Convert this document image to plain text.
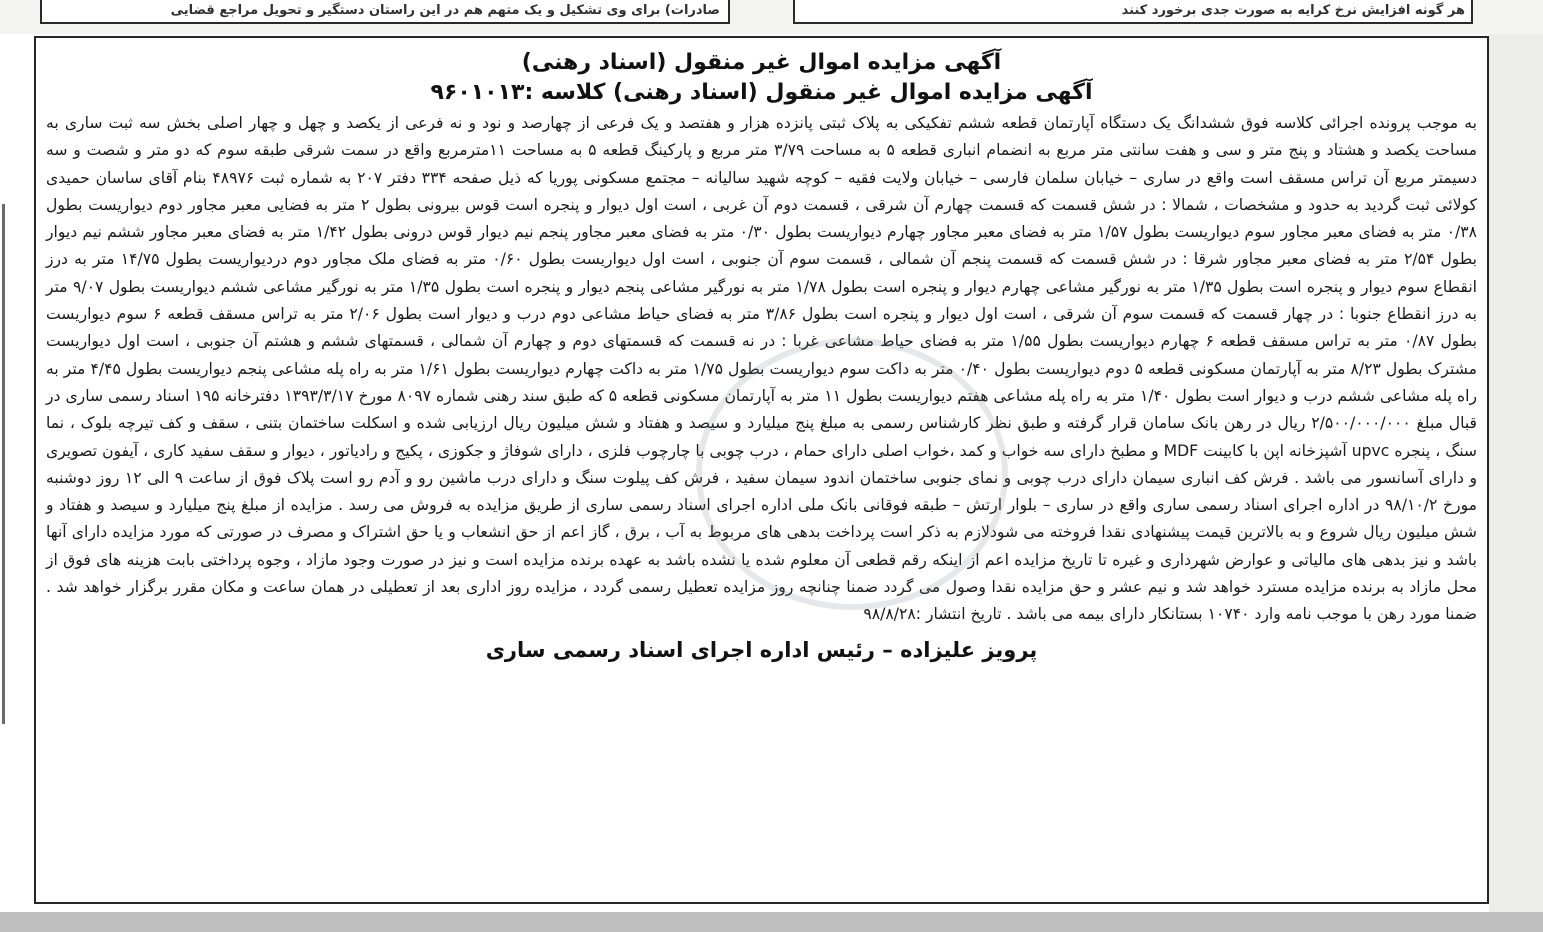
هر گونه افزایش نرخ کرایه به صورت جدی برخورد کنند
صادرات) برای وی تشکیل و یک متهم هم در این راستان دستگیر و تحویل مراجع قضایی

آگهی مزایده اموال غیر منقول (اسناد رهنی)

آگهی مزایده اموال غیر منقول (اسناد رهنی) کلاسه :۹۶۰۱۰۱۳

به موجب پرونده اجرائی کلاسه فوق ششدانگ یک دستگاه آپارتمان قطعه ششم تفکیکی به پلاک ثبتی پانزده هزار و هفتصد و یک فرعی از چهارصد و نود و نه فرعی از یکصد و چهل و چهار اصلی بخش سه ثبت ساری به مساحت یکصد و هشتاد و پنج متر و سی و هفت سانتی متر مربع به انضمام انباری قطعه ۵ به مساحت ۳/۷۹ متر مربع و پارکینگ قطعه ۵ به مساحت ۱۱مترمربع واقع در سمت شرقی طبقه سوم که دو متر و شصت و سه دسیمتر مربع آن تراس مسقف است واقع در ساری – خیابان سلمان فارسی – خیابان ولایت فقیه – کوچه شهید سالیانه – مجتمع مسکونی پوریا که ذیل صفحه ۳۳۴ دفتر ۲۰۷ به شماره ثبت ۴۸۹۷۶ بنام آقای ساسان حمیدی کولائی ثبت گردید به حدود و مشخصات ، شمالا : در شش قسمت که قسمت چهارم آن شرقی ، قسمت دوم آن غربی ، است اول دیوار و پنجره است قوس بیرونی بطول ۲ متر به فضایی معبر مجاور دوم دیواریست بطول ۰/۳۸ متر به فضای معبر مجاور سوم دیواریست بطول ۱/۵۷ متر به فضای معبر مجاور چهارم دیواریست بطول ۰/۳۰ متر به فضای معبر مجاور پنجم نیم دیوار قوس درونی بطول ۱/۴۲ متر به فضای معبر مجاور ششم نیم دیوار بطول ۲/۵۴ متر به فضای معبر مجاور شرقا : در شش قسمت که قسمت پنجم آن شمالی ، قسمت سوم آن جنوبی ، است اول دیواریست بطول ۰/۶۰ متر به فضای ملک مجاور دوم دردیواریست بطول ۱۴/۷۵ متر به درز انقطاع سوم دیوار و پنجره است بطول ۱/۳۵ متر به نورگیر مشاعی چهارم دیوار و پنجره است بطول ۱/۷۸ متر به نورگیر مشاعی پنجم دیوار و پنجره است بطول ۱/۳۵ متر به نورگیر مشاعی ششم دیواریست بطول ۹/۰۷ متر به درز انقطاع جنوبا : در چهار قسمت که قسمت سوم آن شرقی ، است اول دیوار و پنجره است بطول ۳/۸۶ متر به فضای حیاط مشاعی دوم درب و دیوار است بطول ۲/۰۶ متر به تراس مسقف قطعه ۶ سوم دیواریست بطول ۰/۸۷ متر به تراس مسقف قطعه ۶ چهارم دیواریست بطول ۱/۵۵ متر به فضای حیاط مشاعی غربا : در نه قسمت که قسمتهای دوم و چهارم آن شمالی ، قسمتهای ششم و هشتم آن جنوبی ، است اول دیواریست مشترک بطول ۸/۲۳ متر به آپارتمان مسکونی قطعه ۵ دوم دیواریست بطول ۰/۴۰ متر به داکت سوم دیواریست بطول ۱/۷۵ متر به داکت چهارم دیواریست بطول ۱/۶۱ متر به راه پله مشاعی پنجم دیواریست بطول ۴/۴۵ متر به راه پله مشاعی ششم درب و دیوار است بطول ۱/۴۰ متر به راه پله مشاعی هفتم دیواریست بطول ۱۱ متر به آپارتمان مسکونی قطعه ۵ که طبق سند رهنی شماره ۸۰۹۷ مورخ ۱۳۹۳/۳/۱۷ دفترخانه ۱۹۵ اسناد رسمی ساری در قبال مبلغ ۲/۵۰۰/۰۰۰/۰۰۰ ریال در رهن بانک سامان قرار گرفته و طبق نظر کارشناس رسمی به مبلغ پنج میلیارد و سیصد و هفتاد و شش میلیون ریال ارزیابی شده و اسکلت ساختمان بتنی ، سقف و کف تیرچه بلوک ، نما سنگ ، پنجره upvc آشپزخانه اپن با کابینت MDF و مطبخ دارای سه خواب و کمد ،خواب اصلی دارای حمام ، درب چوبی با چارچوب فلزی ، دارای شوفاژ و جکوزی ، پکیج و رادیاتور ، دیوار و سقف سفید کاری ، آیفون تصویری و دارای آسانسور می باشد . فرش کف انباری سیمان دارای درب چوبی و نمای جنوبی ساختمان اندود سیمان سفید ، فرش کف پیلوت سنگ و دارای درب ماشین رو و آدم رو است پلاک فوق از ساعت ۹ الی ۱۲ روز دوشنبه مورخ ۹۸/۱۰/۲ در اداره اجرای اسناد رسمی ساری واقع در ساری – بلوار ارتش – طبقه فوقانی بانک ملی اداره اجرای اسناد رسمی ساری از طریق مزایده به فروش می رسد . مزایده از مبلغ پنج میلیارد و سیصد و هفتاد و شش میلیون ریال شروع و به بالاترین قیمت پیشنهادی نقدا فروخته می شودلازم به ذکر است پرداخت بدهی های مربوط به آب ، برق ، گاز اعم از حق انشعاب و یا حق اشتراک و مصرف در صورتی که مورد مزایده دارای آنها باشد و نیز بدهی های مالیاتی و عوارض شهرداری و غیره تا تاریخ مزایده اعم از اینکه رقم قطعی آن معلوم شده یا نشده باشد به عهده برنده مزایده است و نیز در صورت وجود مازاد ، وجوه پرداختی بابت هزینه های فوق از محل مازاد به برنده مزایده مسترد خواهد شد و نیم عشر و حق مزایده نقدا وصول می گردد ضمنا چنانچه روز مزایده تعطیل رسمی گردد ، مزایده روز اداری بعد از تعطیلی در همان ساعت و مکان مقرر برگزار خواهد شد . ضمنا مورد رهن با موجب نامه وارد ۱۰۷۴۰ بستانکار دارای بیمه می باشد . تاریخ انتشار :۹۸/۸/۲۸

پرویز علیزاده – رئیس اداره اجرای اسناد رسمی ساری
